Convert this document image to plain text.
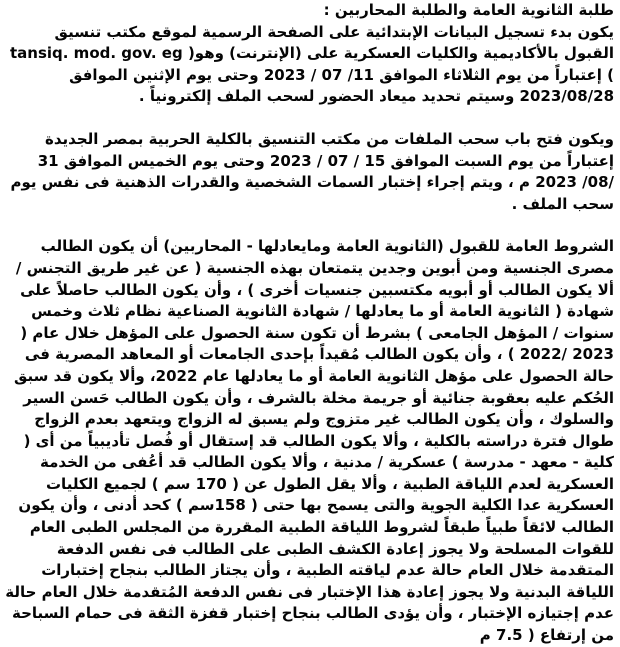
طلبة الثانوية العامة والطلبة المحاربين :
يكون بدء تسجيل البيانات الإبتدائية على الصفحة الرسمية لموقع مكتب تنسيق القبول بالأكاديمية والكليات العسكرية على (الإنترنت) وهو( tansiq. mod. gov. eg ) إعتباراً من يوم الثلاثاء الموافق 11/ 07 / 2023 وحتى يوم الإثنين الموافق 2023/08/28 وسيتم تحديد ميعاد الحضور لسحب الملف إلكترونياً .

ويكون فتح باب سحب الملفات من مكتب التنسيق بالكلية الحربية بمصر الجديدة إعتباراً من يوم السبت الموافق 15 / 07 / 2023 وحتى يوم الخميس الموافق 31 /08/ 2023 م ، ويتم إجراء إختبار السمات الشخصية والقدرات الذهنية فى نفس يوم سحب الملف .

الشروط العامة للقبول (الثانوية العامة ومايعادلها - المحاربين) أن يكون الطالب مصرى الجنسية ومن أبوين وجدين يتمتعان بهذه الجنسية ( عن غير طريق التجنس / ألا يكون الطالب أو أبويه مكتسبين جنسيات أخرى ) ، وأن يكون الطالب حاصلاً على شهادة ( الثانوية العامة أو ما يعادلها / شهادة الثانوية الصناعية نظام ثلاث وخمس سنوات / المؤهل الجامعى ) بشرط أن تكون سنة الحصول على المؤهل خلال عام ( 2023 /2022 ) ، وأن يكون الطالب مُقيداً بإحدى الجامعات أو المعاهد المصرية فى حالة الحصول على مؤهل الثانوية العامة أو ما يعادلها عام 2022، وألا يكون قد سبق الحُكم عليه بعقوبة جنائية أو جريمة مخلة بالشرف ، وأن يكون الطالب حَسن السير والسلوك ، وأن يكون الطالب غير متزوج ولم يسبق له الزواج ويتعهد بعدم الزواج طوال فترة دراسته بالكلية ، وألا يكون الطالب قد إستقال أو فُصل تأديبياً من أى ( كلية - معهد - مدرسة ) عسكرية / مدنية ، وألا يكون الطالب قد أعُفى من الخدمة العسكرية لعدم اللياقة الطبية ، وألا يقل الطول عن ( 170 سم ) لجميع الكليات العسكرية عدا الكلية الجوية والتى يسمح بها حتى ( 158سم ) كحد أدنى ، وأن يكون الطالب لائقاً طبياً طبقاً لشروط اللياقة الطبية المقررة من المجلس الطبى العام للقوات المسلحة ولا يجوز إعادة الكشف الطبى على الطالب فى نفس الدفعة المتقدمة خلال العام حالة عدم لياقته الطبية ، وأن يجتاز الطالب بنجاح إختبارات اللياقة البدنية ولا يجوز إعادة هذا الإختبار فى نفس الدفعة المُتقدمة خلال العام حالة عدم إجتيازه الإختبار ، وأن يؤدى الطالب بنجاح إختبار قفزة الثقة فى حمام السباحة من إرتفاع ( 7.5 م
